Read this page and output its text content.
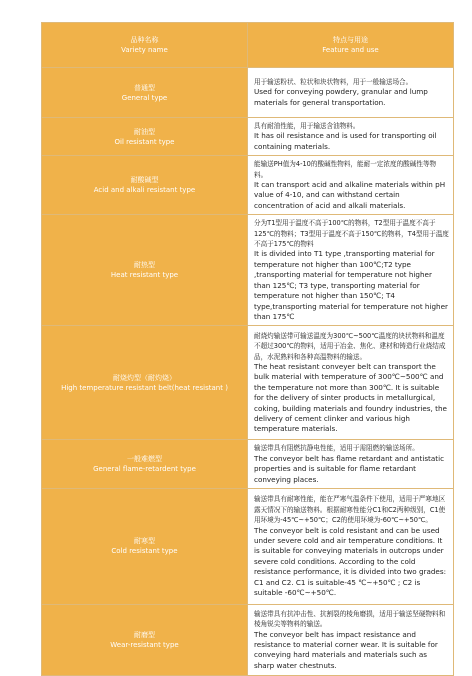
品种名称
Variety name	特点与用途
Feature and use

普通型
General type	用于输送粉状、粒状和块状物料，用于一般输送场合。
Used for conveying powdery, granular and lump materials for general transportation.

耐油型
Oil resistant type	具有耐油性能，用于输送含油物料。
It has oil resistance and is used for transporting oil containing materials.

耐酸碱型
Acid and alkali resistant type	能输送PH值为4-10的酸碱性物料，能耐一定浓度的酸碱性等物料。
It can transport acid and alkaline materials within pH value of 4-10, and can withstand certain concentration of acid and alkali materials.

耐热型
Heat resistant type	分为T1型用于温度不高于100℃的物料，T2型用于温度不高于125℃的物料；T3型用于温度不高于150℃的物料，T4型用于温度不高于175℃的物料
It is divided into T1 type ,transporting material for temperature not higher than 100℃;T2 type ,transporting material for temperature not higher than 125℃; T3 type, transporting material for temperature not higher than 150℃; T4 type,transporting material for temperature not higher than 175℃

耐烧灼型（耐灼烧）
High temperature resistant belt(heat resistant )	耐烧灼输送带可输送温度为300℃~500℃温度的块状物料和温度不超过300℃的物料，适用于冶金、焦化、建材和铸造行业烧结成品，水泥熟料和各种高温物料的输送。
The heat resistant conveyer belt can transport the bulk material with temperature of 300℃~500℃ and the temperature not more than 300℃. It is suitable for the delivery of sinter products in metallurgical, coking, building materials and foundry industries, the delivery of cement clinker and various high temperature materials.

一般难燃型
General flame-retardent type	输送带具有阻燃抗静电性能，适用于需阻燃的输送场所。
The conveyor belt has flame retardant and antistatic properties and is suitable for flame retardant conveying places.

耐寒型
Cold resistant type	输送带具有耐寒性能，能在严寒气温条件下使用，适用于严寒地区露天情况下的输送物料。根据耐寒性能分C1和C2两种级别，C1使用环境为-45℃~+50℃；C2的使用环境为-60℃~+50℃。
The conveyor belt is cold resistant and can be used under severe cold and air temperature conditions. It is suitable for conveying materials in outcrops under severe cold conditions. According to the cold resistance performance, it is divided into two grades: C1 and C2. C1 is suitable-45 ℃~+50℃ ; C2 is suitable -60℃~+50℃.

耐磨型
Wear-resistant type	输送带具有抗冲击性、抗割裂的棱角磨损，适用于输送坚硬物料和棱角锐尖等物料的输送。
The conveyor belt has impact resistance and resistance to material corner wear. It is suitable for conveying hard materials and materials such as sharp water chestnuts.
